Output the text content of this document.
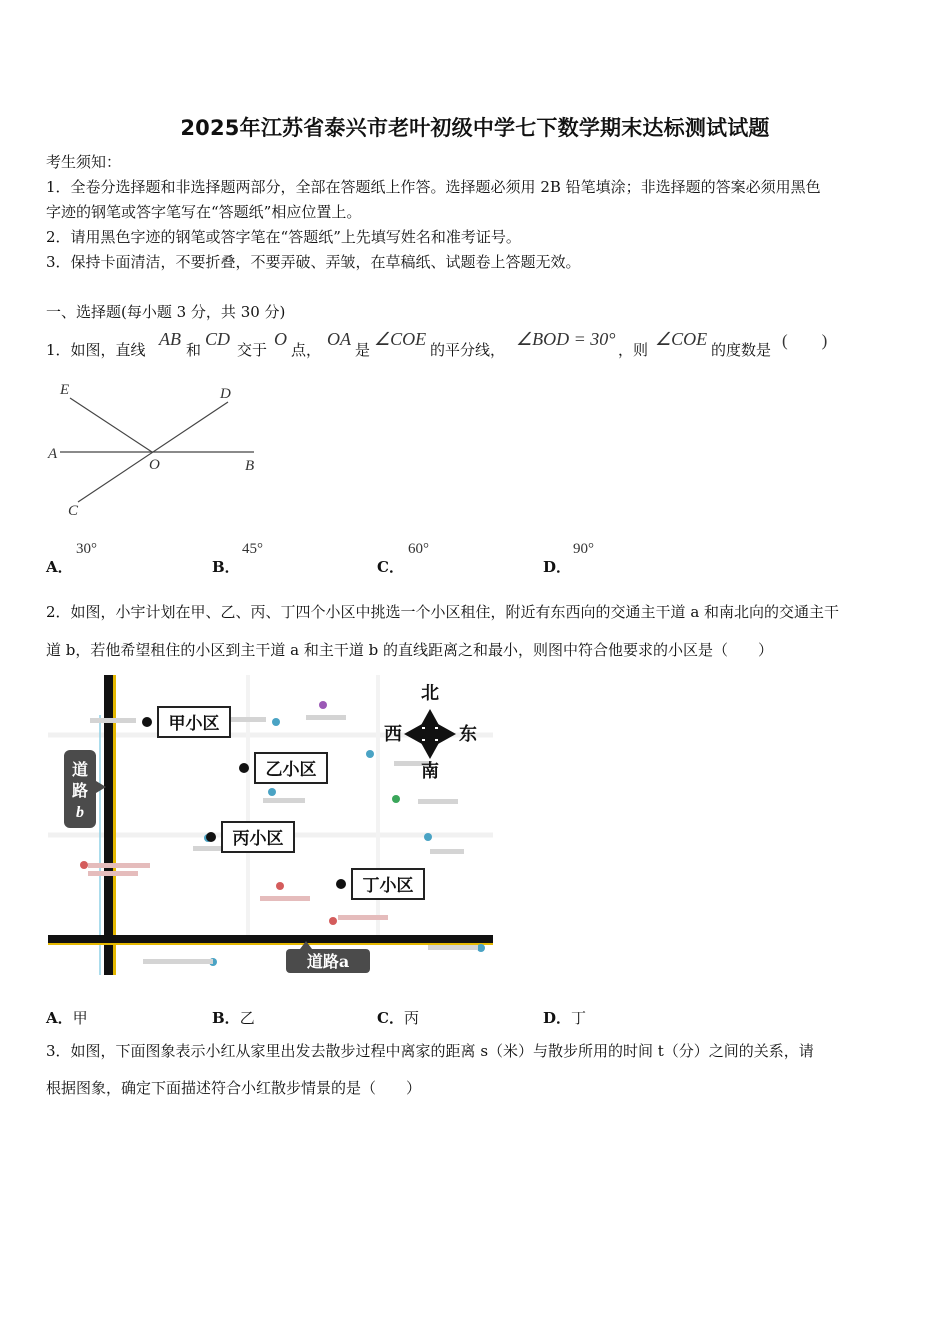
2025年江苏省泰兴市老叶初级中学七下数学期末达标测试试题
考生须知：
1．全卷分选择题和非选择题两部分，全部在答题纸上作答。选择题必须用 2B 铅笔填涂；非选择题的答案必须用黑色
字迹的钢笔或答字笔写在“答题纸”相应位置上。
2．请用黑色字迹的钢笔或答字笔在“答题纸”上先填写姓名和准考证号。
3．保持卡面清洁，不要折叠，不要弄破、弄皱，在草稿纸、试题卷上答题无效。
一、选择题(每小题 3 分，共 30 分)
1．如图，直线
AB
和
CD
交于
O
点，
OA
是
∠COE
的平分线，
∠BOD = 30°
，则
∠COE
的度数是 (　　)
E	D
A
O	B
C
A．
30°
B．
45°
C．
60°
D．
90°
2．如图，小宇计划在甲、乙、丙、丁四个小区中挑选一个小区租住，附近有东西向的交通主干道 a 和南北向的交通主干
道 b，若他希望租住的小区到主干道 a 和主干道 b 的直线距离之和最小，则图中符合他要求的小区是（　　）
甲小区
乙小区
丙小区
丁小区
道
路
b
道路a
北
南
西	东
A．甲	B．乙	C．丙	D．丁
3．如图，下面图象表示小红从家里出发去散步过程中离家的距离 s（米）与散步所用的时间 t（分）之间的关系，请
根据图象，确定下面描述符合小红散步情景的是（　　）
